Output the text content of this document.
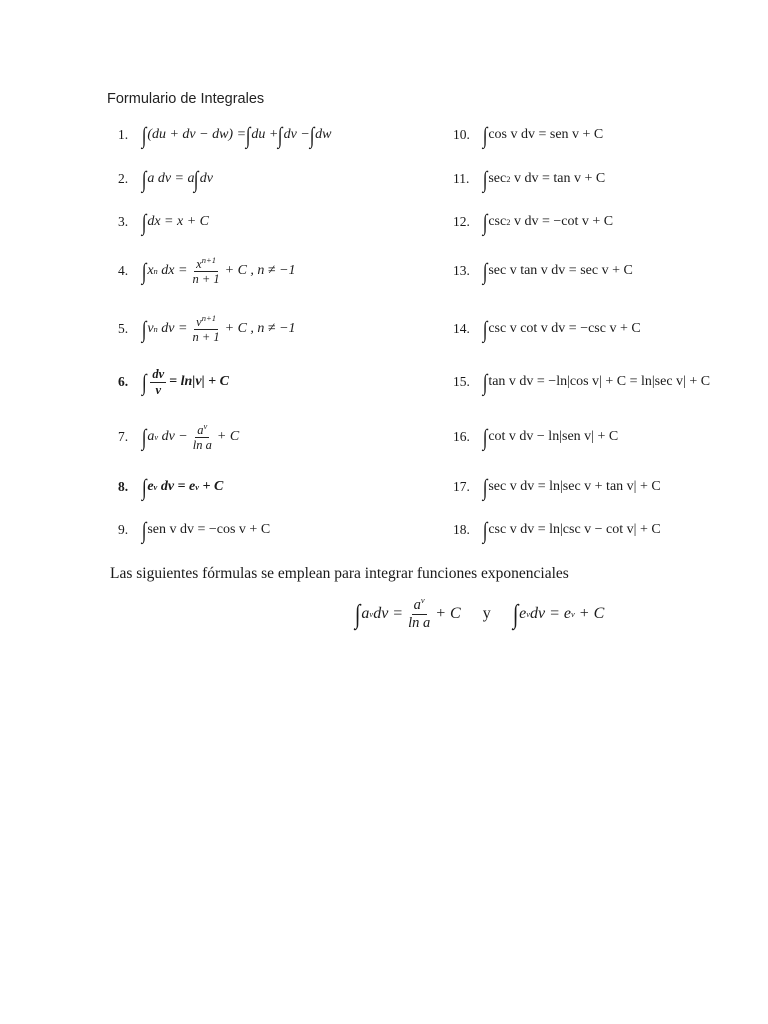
Formulario de Integrales
1. ∫ (du + dv − dw) = ∫ du + ∫ dv − ∫ dw
2. ∫ a dv = a ∫ dv
3. ∫ dx = x + C
4. ∫ x n
dx = $\frac{x^{n+1}}{n + 1} + C$ , n ≠ −1
5. ∫ v n
dv = $\frac{v^{n+1}}{n + 1} + C$ , n ≠ −1
6. ∫ $\frac{dv}{v} = \ln|v| + C$
7. ∫ a v
dv − $\frac{a^v}{\text{ln a}} + C$
8. ∫ e v
dv = e v
+ C
9. ∫ sen v dv = −cos v + C
10. ∫ cos v dv = sen v + C
11. ∫ sec 2
v dv = tan v + C
12. ∫ csc 2
v dv = −cot v + C
13. ∫ sec v tan v dv = sec v + C
14. ∫ csc v cot v dv = −csc v + C
15. ∫ tan v dv = −ln|cos v| + C = ln|sec v| + C
16. ∫ cot v dv − ln|sen v| + C
17. ∫ sec v dv = ln|sec v + tan v| + C
18. ∫ csc v dv = ln|csc v − cot v| + C
Las siguientes fórmulas se emplean para integrar funciones exponenciales
∫ a v dv = $\frac{a^v}{\text{ln a}} + C$ y ∫ e v dv = e v
+ C
